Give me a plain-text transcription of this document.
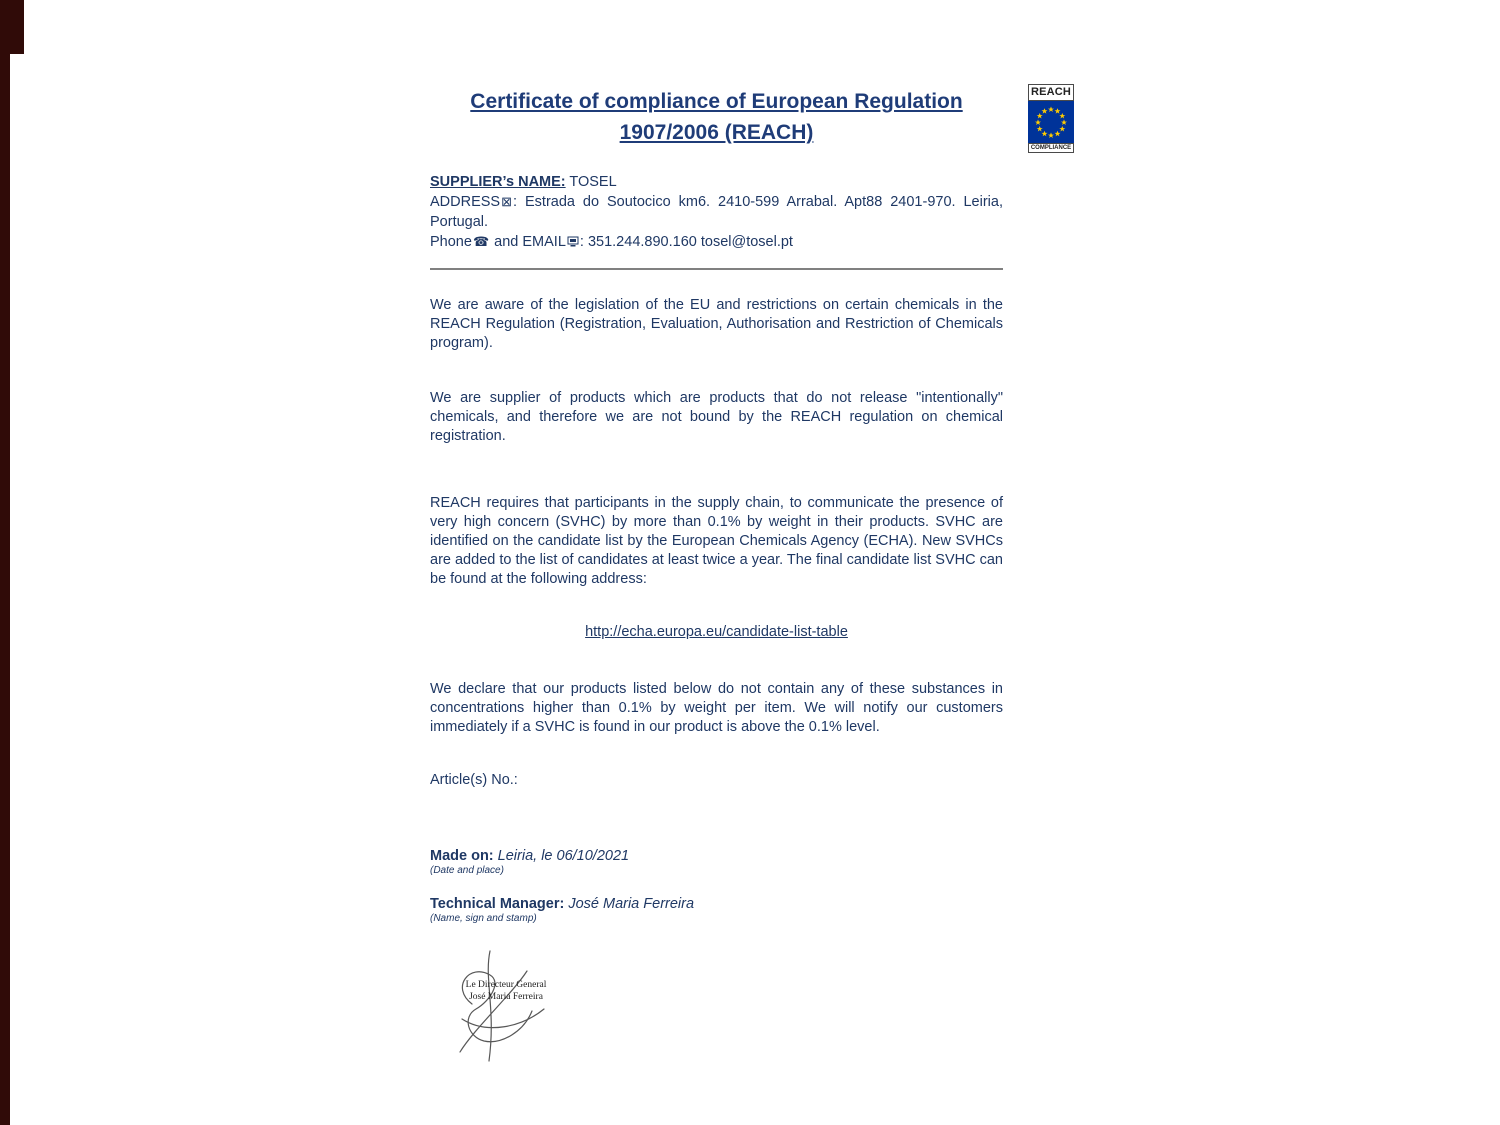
REACH
COMPLIANCE
Certificate of compliance of European Regulation
1907/2006 (REACH)

SUPPLIER’s NAME: TOSEL

ADDRESS⊠: Estrada do Soutocico km6. 2410-599 Arrabal. Apt88 2401-970. Leiria, Portugal.

Phone☎ and EMAIL : 351.244.890.160 tosel@tosel.pt

We are aware of the legislation of the EU and restrictions on certain chemicals in the REACH Regulation (Registration, Evaluation, Authorisation and Restriction of Chemicals program).

We are supplier of products which are products that do not release "intentionally" chemicals, and therefore we are not bound by the REACH regulation on chemical registration.

REACH requires that participants in the supply chain, to communicate the presence of very high concern (SVHC) by more than 0.1% by weight in their products. SVHC are identified on the candidate list by the European Chemicals Agency (ECHA). New SVHCs are added to the list of candidates at least twice a year. The final candidate list SVHC can be found at the following address:

http://echa.europa.eu/candidate-list-table

We declare that our products listed below do not contain any of these substances in concentrations higher than 0.1% by weight per item. We will notify our customers immediately if a SVHC is found in our product is above the 0.1% level.

Article(s) No.:

Made on: Leiria, le 06/10/2021

(Date and place)

Technical Manager: José Maria Ferreira

(Name, sign and stamp)

Le Directeur General
José Maria Ferreira
